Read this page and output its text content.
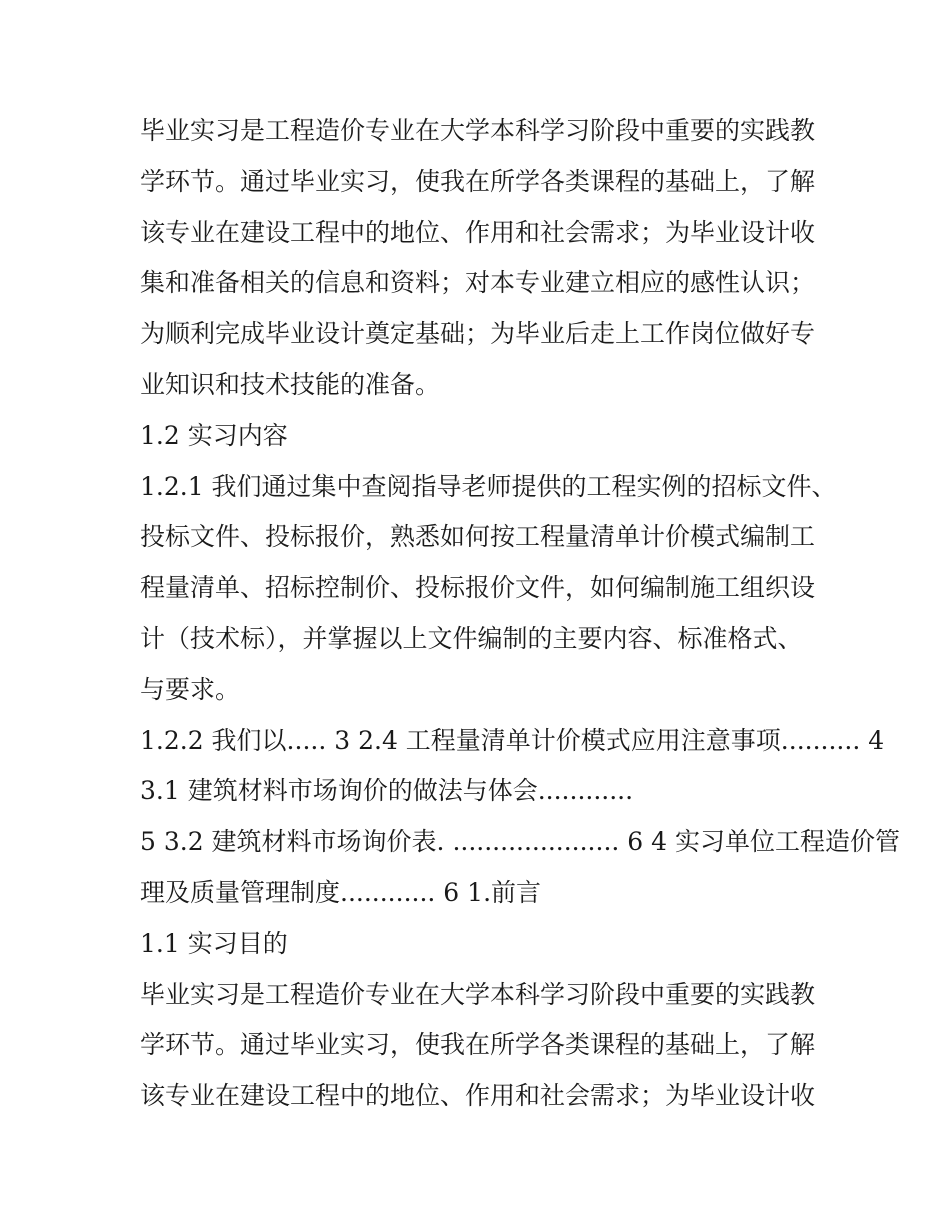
毕业实习是工程造价专业在大学本科学习阶段中重要的实践教
学环节。通过毕业实习，使我在所学各类课程的基础上，了解
该专业在建设工程中的地位、作用和社会需求；为毕业设计收
集和准备相关的信息和资料；对本专业建立相应的感性认识；
为顺利完成毕业设计奠定基础；为毕业后走上工作岗位做好专
业知识和技术技能的准备。
1.2 实习内容
1.2.1 我们通过集中查阅指导老师提供的工程实例的招标文件、
投标文件、投标报价，熟悉如何按工程量清单计价模式编制工
程量清单、招标控制价、投标报价文件，如何编制施工组织设
计（技术标），并掌握以上文件编制的主要内容、标准格式、
与要求。
1.2.2 我们以..... 3 2.4 工程量清单计价模式应用注意事项.......... 4
3.1 建筑材料市场询价的做法与体会............
5 3.2 建筑材料市场询价表. ..................... 6 4 实习单位工程造价管
理及质量管理制度............ 6 1.前言
1.1 实习目的
毕业实习是工程造价专业在大学本科学习阶段中重要的实践教
学环节。通过毕业实习，使我在所学各类课程的基础上，了解
该专业在建设工程中的地位、作用和社会需求；为毕业设计收
